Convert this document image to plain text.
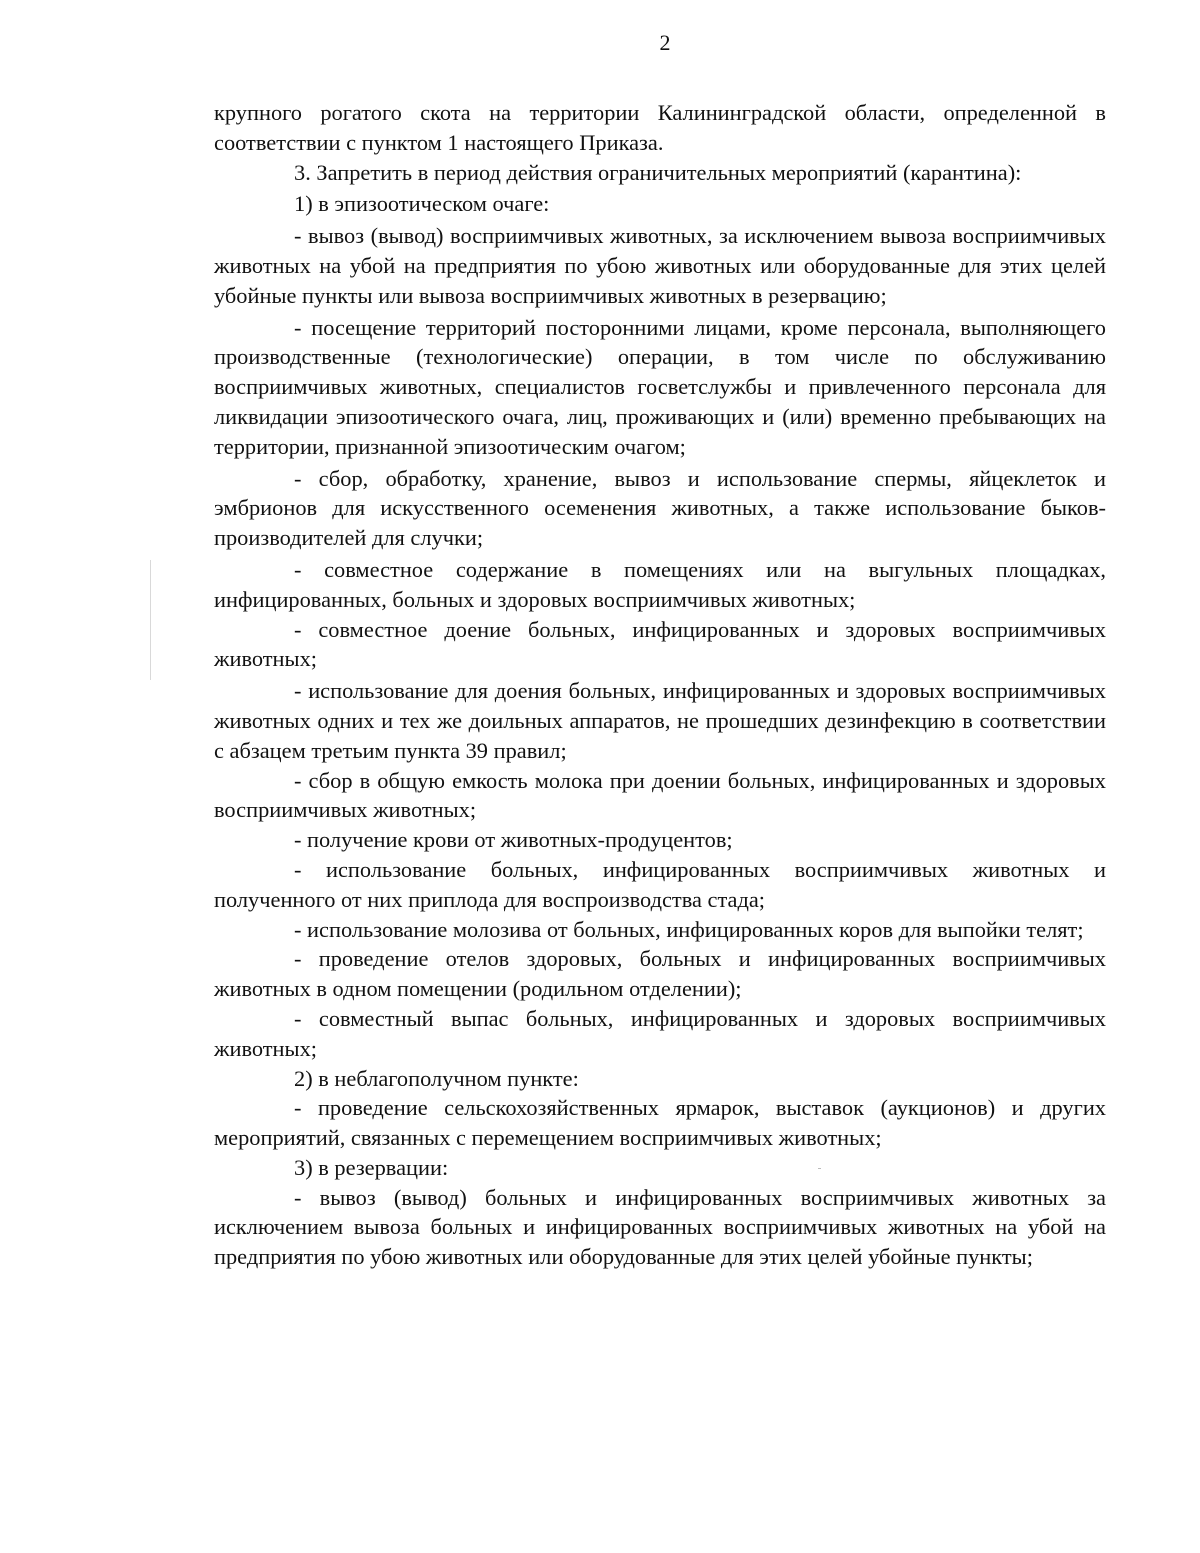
2

крупного рогатого скота на территории Калининградской области, определенной в соответствии с пунктом 1 настоящего Приказа.

3. Запретить в период действия ограничительных мероприятий (карантина):

1) в эпизоотическом очаге:

- вывоз (вывод) восприимчивых животных, за исключением вывоза восприимчивых животных на убой на предприятия по убою животных или оборудованные для этих целей убойные пункты или вывоза восприимчивых животных в резервацию;

- посещение территорий посторонними лицами, кроме персонала, выполняющего производственные (технологические) операции, в том числе по обслуживанию восприимчивых животных, специалистов госветслужбы и привлеченного персонала для ликвидации эпизоотического очага, лиц, проживающих и (или) временно пребывающих на территории, признанной эпизоотическим очагом;

- сбор, обработку, хранение, вывоз и использование спермы, яйцеклеток и эмбрионов для искусственного осеменения животных, а также использование быков-производителей для случки;

- совместное содержание в помещениях или на выгульных площадках, инфицированных, больных и здоровых восприимчивых животных;

- совместное доение больных, инфицированных и здоровых восприимчивых животных;

- использование для доения больных, инфицированных и здоровых восприимчивых животных одних и тех же доильных аппаратов, не прошедших дезинфекцию в соответствии с абзацем третьим пункта 39 правил;

- сбор в общую емкость молока при доении больных, инфицированных и здоровых восприимчивых животных;

- получение крови от животных-продуцентов;

- использование больных, инфицированных восприимчивых животных и полученного от них приплода для воспроизводства стада;

- использование молозива от больных, инфицированных коров для выпойки телят;

- проведение отелов здоровых, больных и инфицированных восприимчивых животных в одном помещении (родильном отделении);

- совместный выпас больных, инфицированных и здоровых восприимчивых животных;

2) в неблагополучном пункте:

- проведение сельскохозяйственных ярмарок, выставок (аукционов) и других мероприятий, связанных с перемещением восприимчивых животных;

3) в резервации:

- вывоз (вывод) больных и инфицированных восприимчивых животных за исключением вывоза больных и инфицированных восприимчивых животных на убой на предприятия по убою животных или оборудованные для этих целей убойные пункты;
